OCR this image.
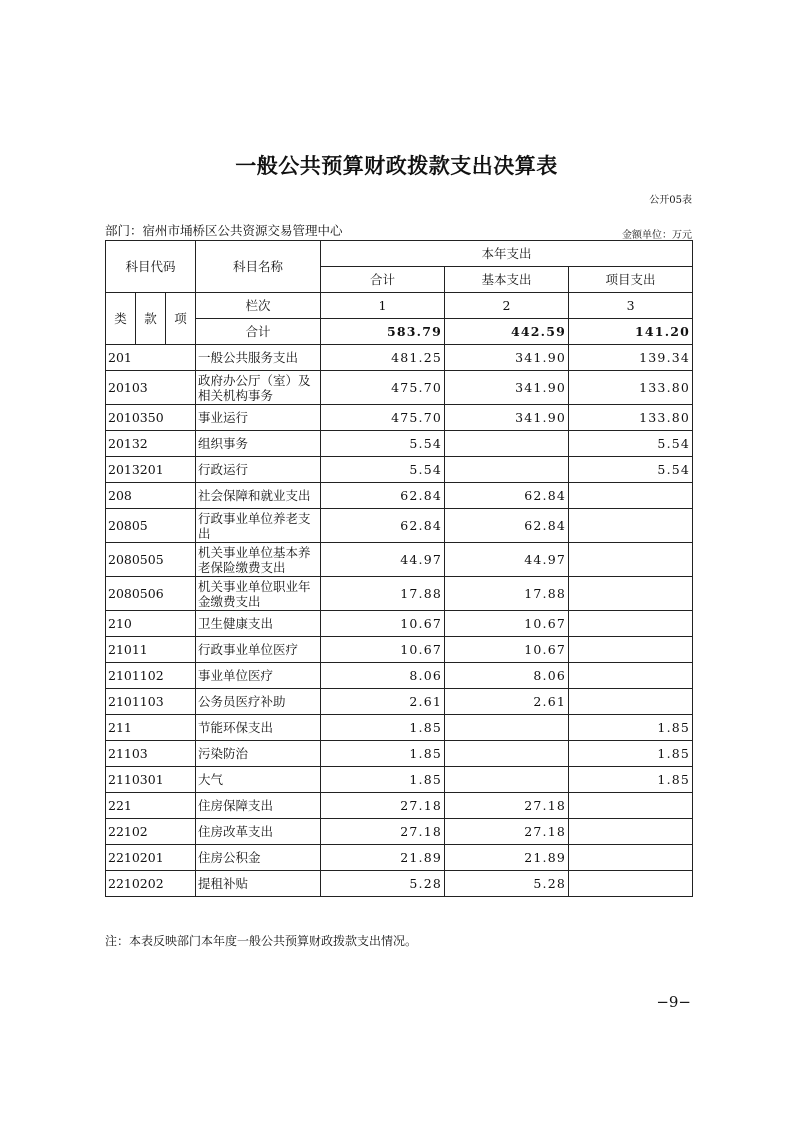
一般公共预算财政拨款支出决算表
公开05表
部门：宿州市埇桥区公共资源交易管理中心	金额单位：万元
科目代码			科目名称	本年支出		
				合计	基本支出	项目支出
类	款	项	栏次	1	2	3
			合计	583.79	442.59	141.20
201			一般公共服务支出	481.25	341.90	139.34
20103			政府办公厅（室）及相关机构事务	475.70	341.90	133.80
2010350			事业运行	475.70	341.90	133.80
20132			组织事务	5.54		5.54
2013201			行政运行	5.54		5.54
208			社会保障和就业支出	62.84	62.84	
20805			行政事业单位养老支出	62.84	62.84	
2080505			机关事业单位基本养老保险缴费支出	44.97	44.97	
2080506			机关事业单位职业年金缴费支出	17.88	17.88	
210			卫生健康支出	10.67	10.67	
21011			行政事业单位医疗	10.67	10.67	
2101102			事业单位医疗	8.06	8.06	
2101103			公务员医疗补助	2.61	2.61	
211			节能环保支出	1.85		1.85
21103			污染防治	1.85		1.85
2110301			大气	1.85		1.85
221			住房保障支出	27.18	27.18	
22102			住房改革支出	27.18	27.18	
2210201			住房公积金	21.89	21.89	
2210202			提租补贴	5.28	5.28	
注：本表反映部门本年度一般公共预算财政拨款支出情况。
−9−
